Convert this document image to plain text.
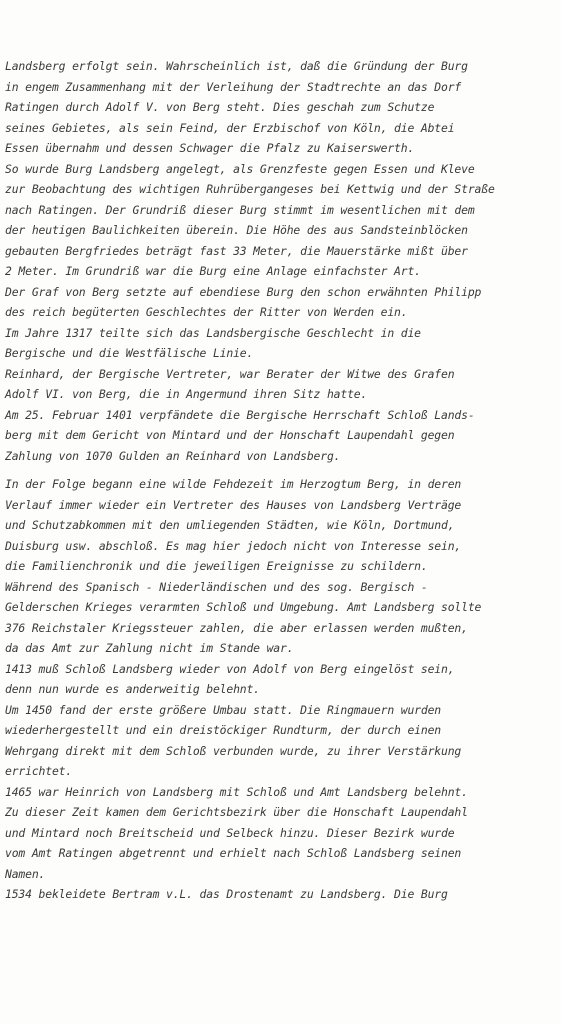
Landsberg erfolgt sein. Wahrscheinlich ist, daß die Gründung der Burg
in engem Zusammenhang mit der Verleihung der Stadtrechte an das Dorf
Ratingen durch Adolf V. von Berg steht. Dies geschah zum Schutze
seines Gebietes, als sein Feind, der Erzbischof von Köln, die Abtei
Essen übernahm und dessen Schwager die Pfalz zu Kaiserswerth.
So wurde Burg Landsberg angelegt, als Grenzfeste gegen Essen und Kleve
zur Beobachtung des wichtigen Ruhrübergangeses bei Kettwig und der Straße
nach Ratingen. Der Grundriß dieser Burg stimmt im wesentlichen mit dem
der heutigen Baulichkeiten überein. Die Höhe des aus Sandsteinblöcken
gebauten Bergfriedes beträgt fast 33 Meter, die Mauerstärke mißt über
2 Meter. Im Grundriß war die Burg eine Anlage einfachster Art.
Der Graf von Berg setzte auf ebendiese Burg den schon erwähnten Philipp
des reich begüterten Geschlechtes der Ritter von Werden ein.
Im Jahre 1317 teilte sich das Landsbergische Geschlecht in die
Bergische und die Westfälische Linie.
Reinhard, der Bergische Vertreter, war Berater der Witwe des Grafen
Adolf VI. von Berg, die in Angermund ihren Sitz hatte.
Am 25. Februar 1401 verpfändete die Bergische Herrschaft Schloß Lands-
berg mit dem Gericht von Mintard und der Honschaft Laupendahl gegen
Zahlung von 1070 Gulden an Reinhard von Landsberg.
In der Folge begann eine wilde Fehdezeit im Herzogtum Berg, in deren
Verlauf immer wieder ein Vertreter des Hauses von Landsberg Verträge
und Schutzabkommen mit den umliegenden Städten, wie Köln, Dortmund,
Duisburg usw. abschloß. Es mag hier jedoch nicht von Interesse sein,
die Familienchronik und die jeweiligen Ereignisse zu schildern.
Während des Spanisch - Niederländischen und des sog. Bergisch -
Gelderschen Krieges verarmten Schloß und Umgebung. Amt Landsberg sollte
376 Reichstaler Kriegssteuer zahlen, die aber erlassen werden mußten,
da das Amt zur Zahlung nicht im Stande war.
1413 muß Schloß Landsberg wieder von Adolf von Berg eingelöst sein,
denn nun wurde es anderweitig belehnt.
Um 1450 fand der erste größere Umbau statt. Die Ringmauern wurden
wiederhergestellt und ein dreistöckiger Rundturm, der durch einen
Wehrgang direkt mit dem Schloß verbunden wurde, zu ihrer Verstärkung
errichtet.
1465 war Heinrich von Landsberg mit Schloß und Amt Landsberg belehnt.
Zu dieser Zeit kamen dem Gerichtsbezirk über die Honschaft Laupendahl
und Mintard noch Breitscheid und Selbeck hinzu. Dieser Bezirk wurde
vom Amt Ratingen abgetrennt und erhielt nach Schloß Landsberg seinen
Namen.
1534 bekleidete Bertram v.L. das Drostenamt zu Landsberg. Die Burg
